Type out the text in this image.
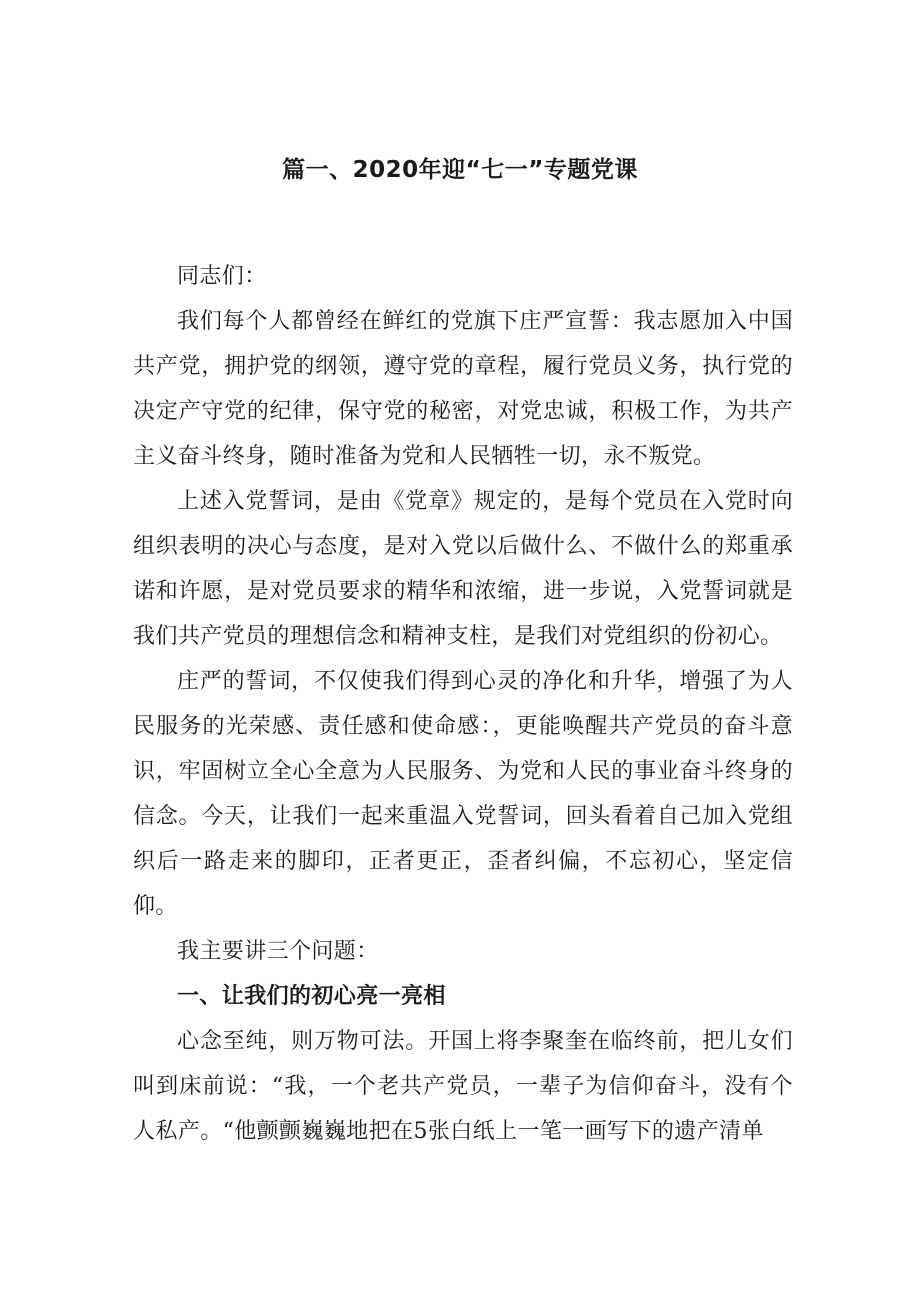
篇一、2020年迎“七一”专题党课

同志们：

我们每个人都曾经在鲜红的党旗下庄严宣誓：我志愿加入中国共产党，拥护党的纲领，遵守党的章程，履行党员义务，执行党的决定产守党的纪律，保守党的秘密，对党忠诚，积极工作，为共产主义奋斗终身，随时准备为党和人民牺牲一切，永不叛党。

上述入党誓词，是由《党章》规定的，是每个党员在入党时向组织表明的决心与态度，是对入党以后做什么、不做什么的郑重承诺和许愿，是对党员要求的精华和浓缩，进一步说，入党誓词就是我们共产党员的理想信念和精神支柱，是我们对党组织的份初心。

庄严的誓词，不仅使我们得到心灵的净化和升华，增强了为人民服务的光荣感、责任感和使命感：，更能唤醒共产党员的奋斗意识，牢固树立全心全意为人民服务、为党和人民的事业奋斗终身的信念。今天，让我们一起来重温入党誓词，回头看着自己加入党组织后一路走来的脚印，正者更正，歪者纠偏，不忘初心，坚定信仰。

我主要讲三个问题：

一、让我们的初心亮一亮相

心念至纯，则万物可法。开国上将李聚奎在临终前，把儿女们叫到床前说：“我，一个老共产党员，一辈子为信仰奋斗，没有个人私产。“他颤颤巍巍地把在5张白纸上一笔一画写下的遗产清单
